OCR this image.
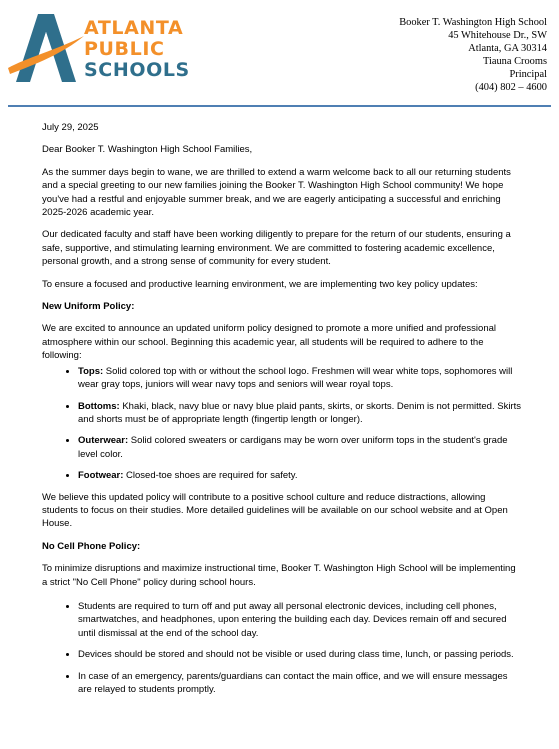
ATLANTA
PUBLIC
SCHOOLS
Booker T. Washington High School
45 Whitehouse Dr., SW
Atlanta, GA 30314
Tiauna Crooms
Principal
(404) 802 – 4600

July 29, 2025

Dear Booker T. Washington High School Families,

As the summer days begin to wane, we are thrilled to extend a warm welcome back to all our returning students and a special greeting to our new families joining the Booker T. Washington High School community! We hope you've had a restful and enjoyable summer break, and we are eagerly anticipating a successful and enriching 2025-2026 academic year.

Our dedicated faculty and staff have been working diligently to prepare for the return of our students, ensuring a safe, supportive, and stimulating learning environment. We are committed to fostering academic excellence, personal growth, and a strong sense of community for every student.

To ensure a focused and productive learning environment, we are implementing two key policy updates:

New Uniform Policy:

We are excited to announce an updated uniform policy designed to promote a more unified and professional atmosphere within our school. Beginning this academic year, all students will be required to adhere to the following:

• Tops: Solid colored top with or without the school logo. Freshmen will wear white tops, sophomores will wear gray tops, juniors will wear navy tops and seniors will wear royal tops.
• Bottoms: Khaki, black, navy blue or navy blue plaid pants, skirts, or skorts. Denim is not permitted. Skirts and shorts must be of appropriate length (fingertip length or longer).
• Outerwear: Solid colored sweaters or cardigans may be worn over uniform tops in the student's grade level color.
• Footwear: Closed-toe shoes are required for safety.

We believe this updated policy will contribute to a positive school culture and reduce distractions, allowing students to focus on their studies. More detailed guidelines will be available on our school website and at Open House.

No Cell Phone Policy:

To minimize disruptions and maximize instructional time, Booker T. Washington High School will be implementing a strict "No Cell Phone" policy during school hours.

• Students are required to turn off and put away all personal electronic devices, including cell phones, smartwatches, and headphones, upon entering the building each day. Devices remain off and secured until dismissal at the end of the school day.
• Devices should be stored and should not be visible or used during class time, lunch, or passing periods.
• In case of an emergency, parents/guardians can contact the main office, and we will ensure messages are relayed to students promptly.
